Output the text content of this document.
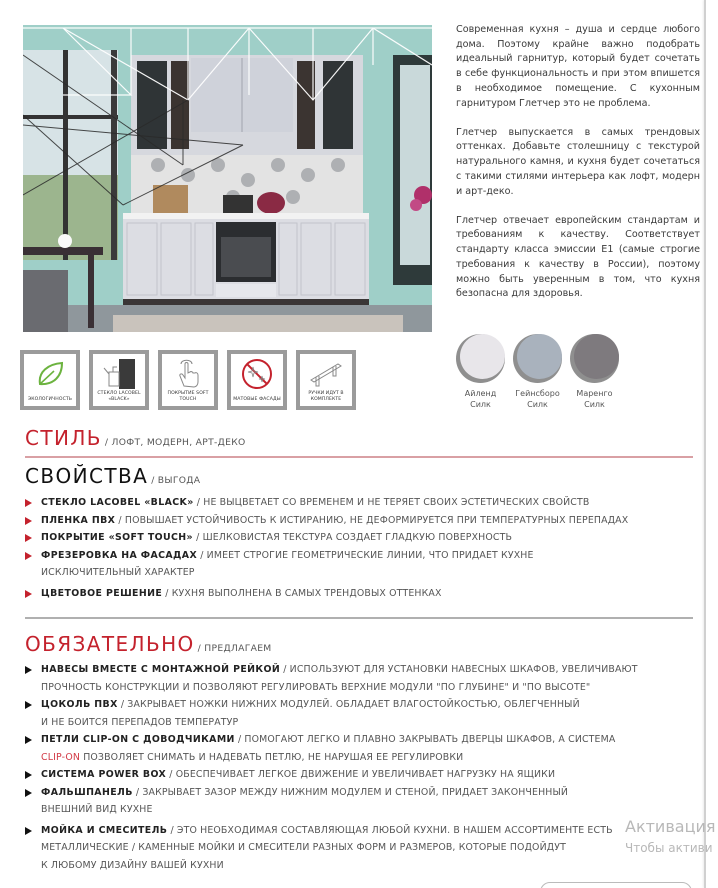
Современная кухня – душа и сердце любого дома. Поэтому крайне важно подобрать идеальный гарнитур, который будет сочетать в себе функциональность и при этом впишется в необходимое помещение. С кухонным гарнитуром Глетчер это не проблема.

Глетчер выпускается в самых трендовых оттенках. Добавьте столешницу с текстурой натурального камня, и кухня будет сочетаться с такими стилями интерьера как лофт, модерн и арт-деко.

Глетчер отвечает европейским стандартам и требованиям к качеству. Соответствует стандарту класса эмиссии Е1 (самые строгие требования к качеству в России), поэтому можно быть уверенным в том, что кухня безопасна для здоровья.

ЭКОЛОГИЧНОСТЬ
СТЕКЛО LACOBEL «BLACK»
ПОКРЫТИЕ SOFT TOUCH	МАТОВЫЕ ФАСАДЫ
РУЧКИ ИДУТ В КОМПЛЕКТЕ
Айленд
Силк
Гейнсборо
Силк
Маренго
Силк
СТИЛЬ / ЛОФТ, МОДЕРН, АРТ-ДЕКО
СВОЙСТВА / ВЫГОДА
СТЕКЛО LACOBEL «BLACK» / НЕ ВЫЦВЕТАЕТ СО ВРЕМЕНЕМ И НЕ ТЕРЯЕТ СВОИХ ЭСТЕТИЧЕСКИХ СВОЙСТВ
ПЛЕНКА ПВХ / ПОВЫШАЕТ УСТОЙЧИВОСТЬ К ИСТИРАНИЮ, НЕ ДЕФОРМИРУЕТСЯ ПРИ ТЕМПЕРАТУРНЫХ ПЕРЕПАДАХ
ПОКРЫТИЕ «SOFT TOUCH» / ШЕЛКОВИСТАЯ ТЕКСТУРА СОЗДАЕТ ГЛАДКУЮ ПОВЕРХНОСТЬ
ФРЕЗЕРОВКА НА ФАСАДАХ / ИМЕЕТ СТРОГИЕ ГЕОМЕТРИЧЕСКИЕ ЛИНИИ, ЧТО ПРИДАЕТ КУХНЕ
ИСКЛЮЧИТЕЛЬНЫЙ ХАРАКТЕР
ЦВЕТОВОЕ РЕШЕНИЕ / КУХНЯ ВЫПОЛНЕНА В САМЫХ ТРЕНДОВЫХ ОТТЕНКАХ
ОБЯЗАТЕЛЬНО / ПРЕДЛАГАЕМ
НАВЕСЫ ВМЕСТЕ С МОНТАЖНОЙ РЕЙКОЙ / ИСПОЛЬЗУЮТ ДЛЯ УСТАНОВКИ НАВЕСНЫХ ШКАФОВ, УВЕЛИЧИВАЮТ
ПРОЧНОСТЬ КОНСТРУКЦИИ И ПОЗВОЛЯЮТ РЕГУЛИРОВАТЬ ВЕРХНИЕ МОДУЛИ "ПО ГЛУБИНЕ" И "ПО ВЫСОТЕ"
ЦОКОЛЬ ПВХ / ЗАКРЫВАЕТ НОЖКИ НИЖНИХ МОДУЛЕЙ. ОБЛАДАЕТ ВЛАГОСТОЙКОСТЬЮ, ОБЛЕГЧЕННЫЙ
И НЕ БОИТСЯ ПЕРЕПАДОВ ТЕМПЕРАТУР
ПЕТЛИ CLIP-ON С ДОВОДЧИКАМИ / ПОМОГАЮТ ЛЕГКО И ПЛАВНО ЗАКРЫВАТЬ ДВЕРЦЫ ШКАФОВ, А СИСТЕМА
CLIP-ON ПОЗВОЛЯЕТ СНИМАТЬ И НАДЕВАТЬ ПЕТЛЮ, НЕ НАРУШАЯ ЕЕ РЕГУЛИРОВКИ
СИСТЕМА POWER BOX / ОБЕСПЕЧИВАЕТ ЛЕГКОЕ ДВИЖЕНИЕ И УВЕЛИЧИВАЕТ НАГРУЗКУ НА ЯЩИКИ
ФАЛЬШПАНЕЛЬ / ЗАКРЫВАЕТ ЗАЗОР МЕЖДУ НИЖНИМ МОДУЛЕМ И СТЕНОЙ, ПРИДАЕТ ЗАКОНЧЕННЫЙ
ВНЕШНИЙ ВИД КУХНЕ
МОЙКА И СМЕСИТЕЛЬ / ЭТО НЕОБХОДИМАЯ СОСТАВЛЯЮЩАЯ ЛЮБОЙ КУХНИ. В НАШЕМ АССОРТИМЕНТЕ ЕСТЬ
МЕТАЛЛИЧЕСКИЕ / КАМЕННЫЕ МОЙКИ И СМЕСИТЕЛИ РАЗНЫХ ФОРМ И РАЗМЕРОВ, КОТОРЫЕ ПОДОЙДУТ
К ЛЮБОМУ ДИЗАЙНУ ВАШЕЙ КУХНИ
Активация
Чтобы активи
